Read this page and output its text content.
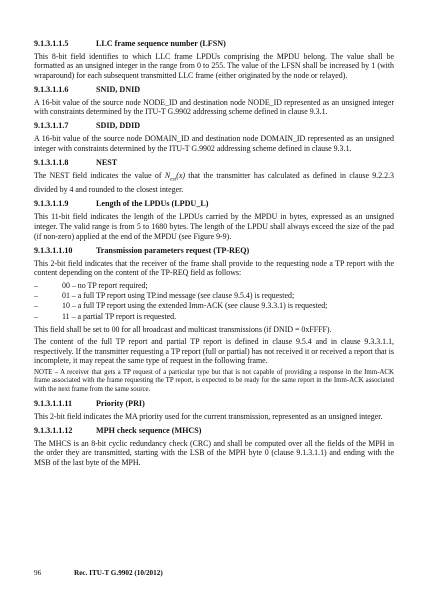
9.1.3.1.1.5	LLC frame sequence number (LFSN)

This 8-bit field identifies to which LLC frame LPDUs comprising the MPDU belong. The value shall be formatted as an unsigned integer in the range from 0 to 255. The value of the LFSN shall be increased by 1 (with wraparound) for each subsequent transmitted LLC frame (either originated by the node or relayed).

9.1.3.1.1.6	SNID, DNID

A 16-bit value of the source node NODE_ID and destination node NODE_ID represented as an unsigned integer with constraints determined by the ITU-T G.9902 addressing scheme defined in clause 9.3.1.

9.1.3.1.1.7	SDID, DDID

A 16-bit value of the source node DOMAIN_ID and destination node DOMAIN_ID represented as an unsigned integer with constraints determined by the ITU-T G.9902 addressing scheme defined in clause 9.3.1.

9.1.3.1.1.8	NEST

The NEST field indicates the value of $N_{est}(x)$ that the transmitter has calculated as defined in clause 9.2.2.3 divided by 4 and rounded to the closest integer.

9.1.3.1.1.9	Length of the LPDUs (LPDU_L)

This 11-bit field indicates the length of the LPDUs carried by the MPDU in bytes, expressed as an unsigned integer. The valid range is from 5 to 1680 bytes. The length of the LPDU shall always exceed the size of the pad (if non-zero) applied at the end of the MPDU (see Figure 9-9).

9.1.3.1.1.10	Transmission parameters request (TP-REQ)

This 2-bit field indicates that the receiver of the frame shall provide to the requesting node a TP report with the content depending on the content of the TP-REQ field as follows:

–	00 – no TP report required;
–	01 – a full TP report using TP.ind message (see clause 9.5.4) is requested;
–	10 – a full TP report using the extended Imm-ACK (see clause 9.3.3.1) is requested;
–	11 – a partial TP report is requested.

This field shall be set to 00 for all broadcast and multicast transmissions (if DNID = 0xFFFF).

The content of the full TP report and partial TP report is defined in clause 9.5.4 and in clause 9.3.3.1.1, respectively. If the transmitter requesting a TP report (full or partial) has not received it or received a report that is incomplete, it may repeat the same type of request in the following frame.

NOTE – A receiver that gets a TP request of a particular type but that is not capable of providing a response in the Imm-ACK frame associated with the frame requesting the TP report, is expected to be ready for the same report in the Imm-ACK associated with the next frame from the same source.
9.1.3.1.1.11	Priority (PRI)

This 2-bit field indicates the MA priority used for the current transmission, represented as an unsigned integer.

9.1.3.1.1.12	MPH check sequence (MHCS)

The MHCS is an 8-bit cyclic redundancy check (CRC) and shall be computed over all the fields of the MPH in the order they are transmitted, starting with the LSB of the MPH byte 0 (clause 9.1.3.1.1) and ending with the MSB of the last byte of the MPH.

96	Rec. ITU-T G.9902 (10/2012)
